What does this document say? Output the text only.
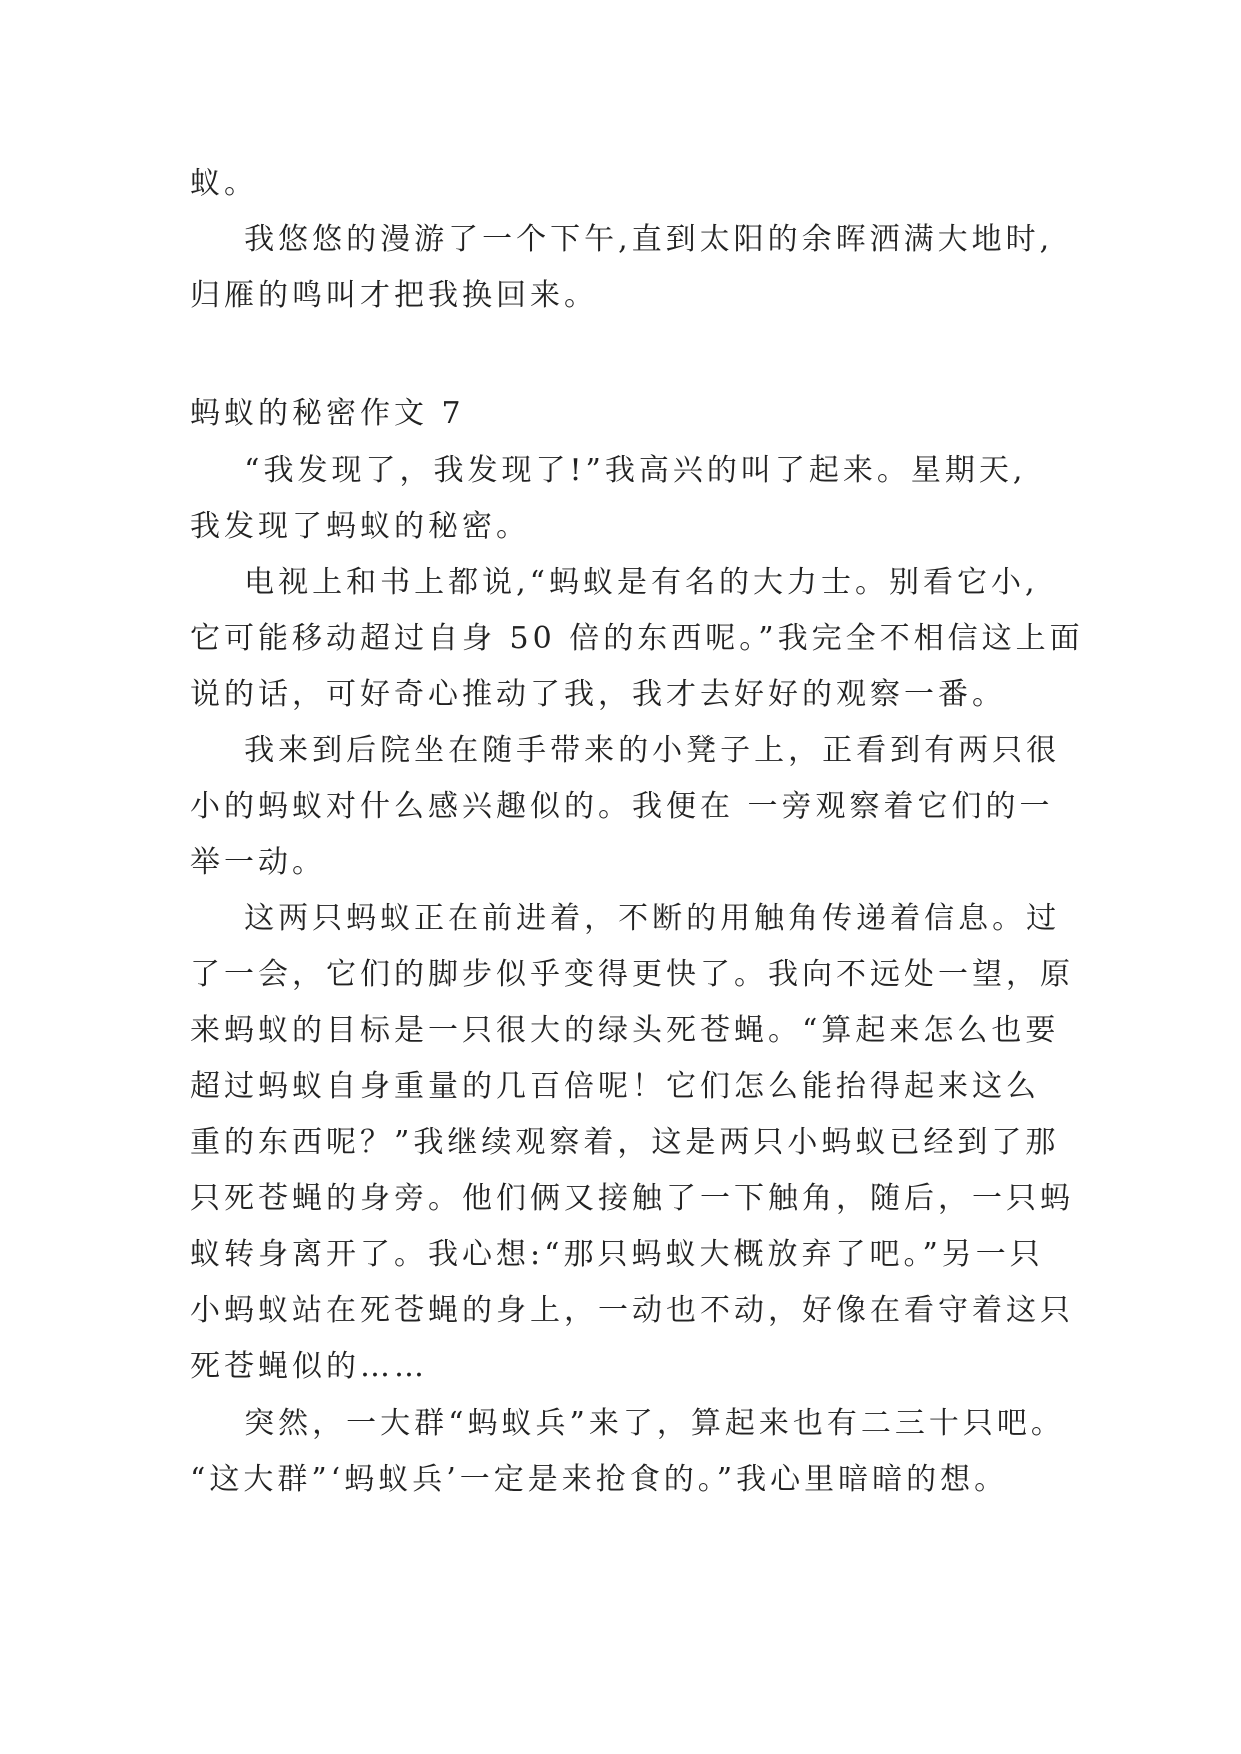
蚁。
我悠悠的漫游了一个下午,直到太阳的余晖洒满大地时,
归雁的鸣叫才把我换回来。
蚂蚁的秘密作文 7
“我发现了，我发现了!”我高兴的叫了起来。星期天,
我发现了蚂蚁的秘密。
电视上和书上都说,“蚂蚁是有名的大力士。别看它小,
它可能移动超过自身 50 倍的东西呢。”我完全不相信这上面
说的话，可好奇心推动了我，我才去好好的观察一番。
我来到后院坐在随手带来的小凳子上，正看到有两只很
小的蚂蚁对什么感兴趣似的。我便在 一旁观察着它们的一
举一动。
这两只蚂蚁正在前进着，不断的用触角传递着信息。过
了一会，它们的脚步似乎变得更快了。我向不远处一望，原
来蚂蚁的目标是一只很大的绿头死苍蝇。“算起来怎么也要
超过蚂蚁自身重量的几百倍呢！它们怎么能抬得起来这么
重的东西呢？”我继续观察着，这是两只小蚂蚁已经到了那
只死苍蝇的身旁。他们俩又接触了一下触角，随后，一只蚂
蚁转身离开了。我心想:“那只蚂蚁大概放弃了吧。”另一只
小蚂蚁站在死苍蝇的身上，一动也不动，好像在看守着这只
死苍蝇似的……
突然，一大群“蚂蚁兵”来了，算起来也有二三十只吧。
“这大群”‘蚂蚁兵’一定是来抢食的。”我心里暗暗的想。
